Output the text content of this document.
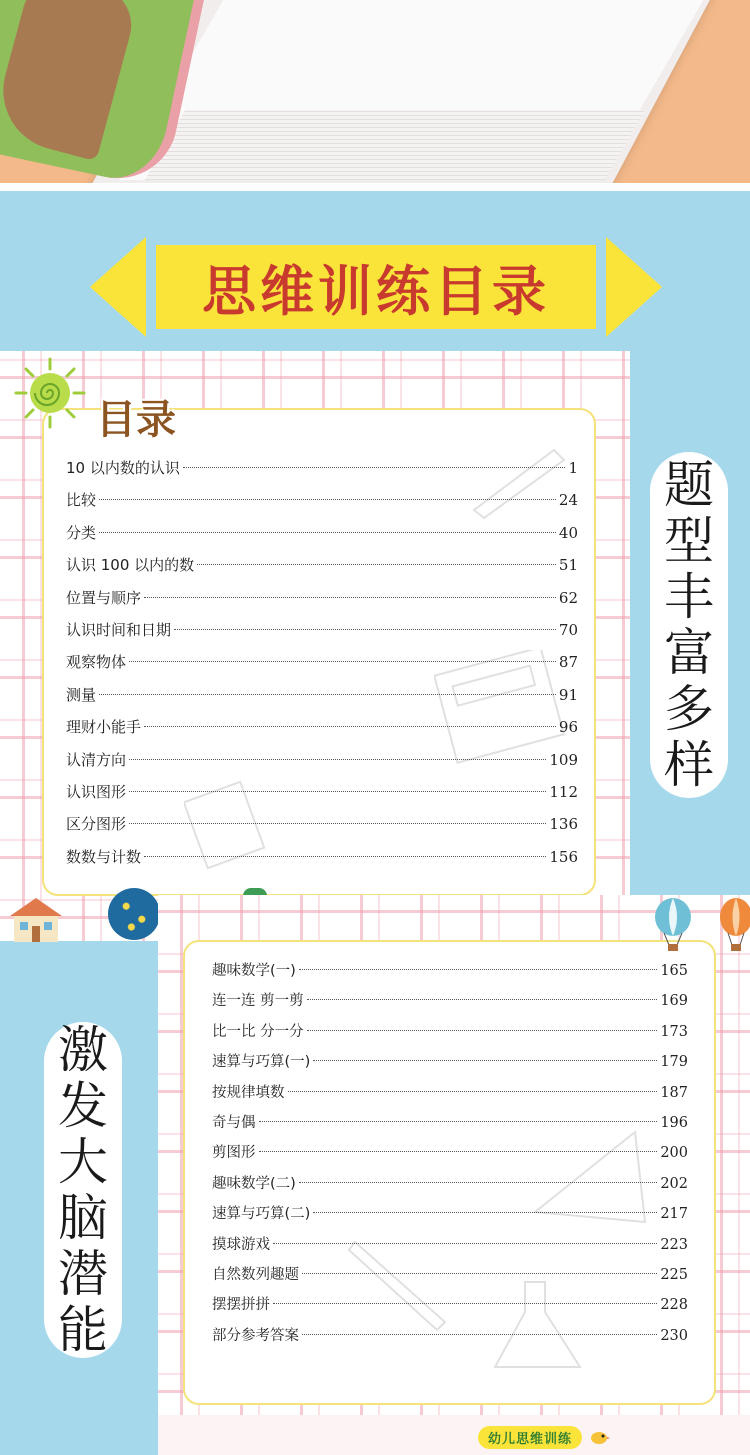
思维训练目录
目录
10 以内数的认识	1
比较	24
分类	40
认识 100 以内的数	51
位置与顺序	62
认识时间和日期	70
观察物体	87
测量	91
理财小能手	96
认清方向	109
认识图形	112
区分图形	136
数数与计数	156
题
型
丰
富
多
样
趣味数学(一)	165
连一连 剪一剪	169
比一比 分一分	173
速算与巧算(一)	179
按规律填数	187
奇与偶	196
剪图形	200
趣味数学(二)	202
速算与巧算(二)	217
摸球游戏	223
自然数列趣题	225
摆摆拼拼	228
部分参考答案	230
激
发
大
脑
潜
能
幼儿思维训练
